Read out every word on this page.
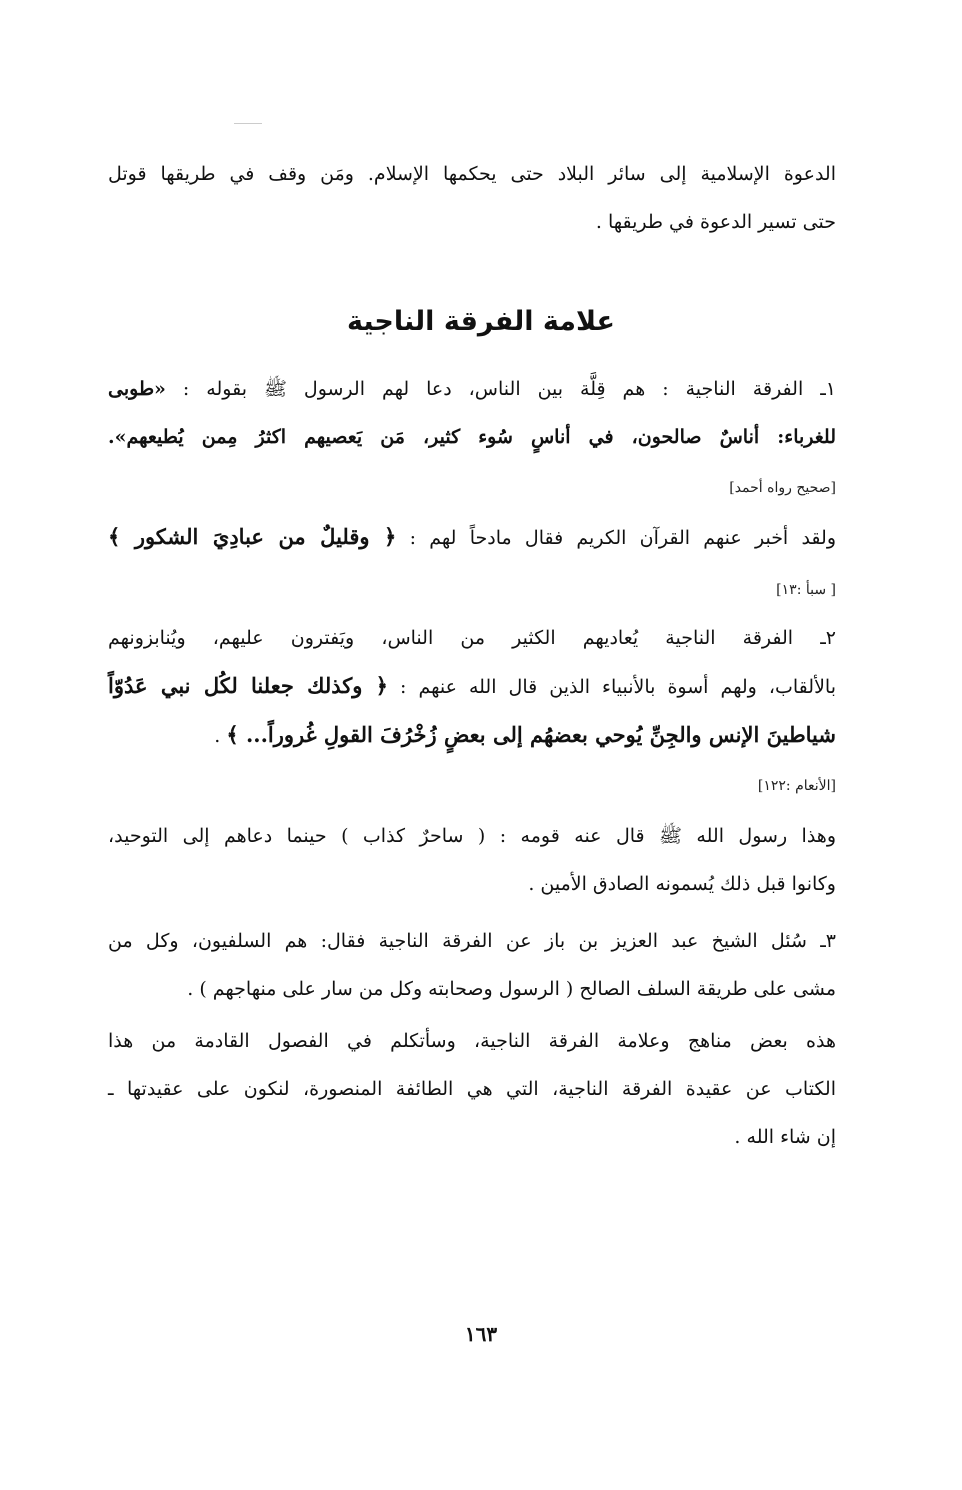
الدعوة الإسلامية إلى سائر البلاد حتى يحكمها الإسلام. ومَن وقف في طريقها قوتل
حتى تسير الدعوة في طريقها .
علامة الفرقة الناجية
١ـ الفرقة الناجية : هم قِلَّة بين الناس، دعا لهم الرسول ﷺ بقوله : «طوبى
للغرباء: أناسٌ صالحون، في أناسٍ سُوء كثير، مَن يَعصيهم اكثرُ مِمن يُطيعهم».
[صحيح رواه أحمد]
ولقد أخبر عنهم القرآن الكريم فقال مادحاً لهم : ﴿ وقليلٌ من عبادِيَ الشكور ﴾
[ سبأ :١٣]
٢ـ الفرقة الناجية يُعاديهم الكثير من الناس، ويَفترون عليهم، ويُنابزونهم
بالألقاب، ولهم أسوة بالأنبياء الذين قال الله عنهم : ﴿ وكذلك جعلنا لكُل نبي عَدُوّاً
شياطينَ الإنس والجِنِّ يُوحي بعضهُم إلى بعضٍ زُخْرُفَ القولِ غُروراً... ﴾ .
[الأنعام :١٢٢]
وهذا رسول الله ﷺ قال عنه قومه : ( ساحرٌ كذاب ) حينما دعاهم إلى التوحيد،
وكانوا قبل ذلك يُسمونه الصادق الأمين .
٣ـ سُئل الشيخ عبد العزيز بن باز عن الفرقة الناجية فقال: هم السلفيون، وكل من
مشى على طريقة السلف الصالح ( الرسول وصحابته وكل من سار على منهاجهم ) .
هذه بعض مناهج وعلامة الفرقة الناجية، وسأتكلم في الفصول القادمة من هذا
الكتاب عن عقيدة الفرقة الناجية، التي هي الطائفة المنصورة، لنكون على عقيدتها ـ
إن شاء الله .
١٦٣
